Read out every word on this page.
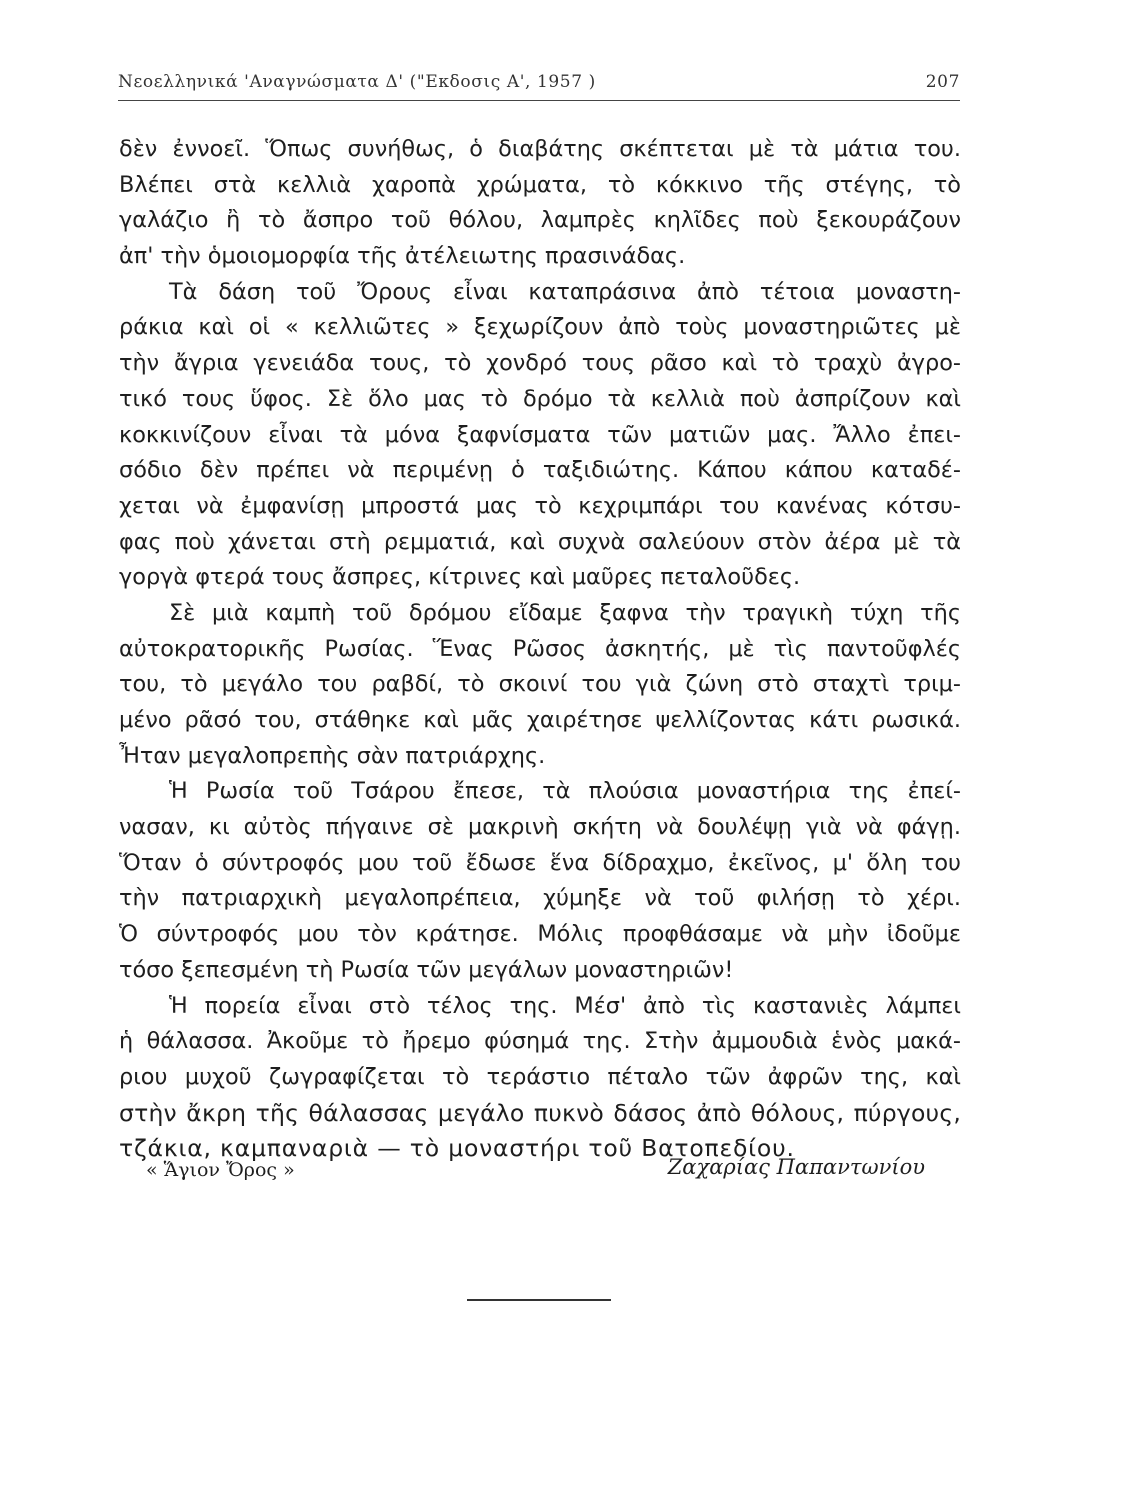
Νεοελληνικά 'Αναγνώσματα Δ' ("Εκδοσις Α', 1957 )	207
δὲν ἐννοεῖ. Ὅπως συνήθως, ὁ διαβάτης σκέπτεται μὲ τὰ μάτια του.
Βλέπει στὰ κελλιὰ χαροπὰ χρώματα, τὸ κόκκινο τῆς στέγης, τὸ
γαλάζιο ἢ τὸ ἄσπρο τοῦ θόλου, λαμπρὲς κηλῖδες ποὺ ξεκουράζουν
ἀπ' τὴν ὁμοιομορφία τῆς ἀτέλειωτης πρασινάδας.
Τὰ δάση τοῦ Ὄρους εἶναι καταπράσινα ἀπὸ τέτοια μοναστη-
ράκια καὶ οἱ « κελλιῶτες » ξεχωρίζουν ἀπὸ τοὺς μοναστηριῶτες μὲ
τὴν ἄγρια γενειάδα τους, τὸ χονδρό τους ρᾶσο καὶ τὸ τραχὺ ἀγρο-
τικό τους ὕφος. Σὲ ὅλο μας τὸ δρόμο τὰ κελλιὰ ποὺ ἀσπρίζουν καὶ
κοκκινίζουν εἶναι τὰ μόνα ξαφνίσματα τῶν ματιῶν μας. Ἄλλο ἐπει-
σόδιο δὲν πρέπει νὰ περιμένῃ ὁ ταξιδιώτης. Κάπου κάπου καταδέ-
χεται νὰ ἐμφανίσῃ μπροστά μας τὸ κεχριμπάρι του κανένας κότσυ-
φας ποὺ χάνεται στὴ ρεμματιά, καὶ συχνὰ σαλεύουν στὸν ἀέρα μὲ τὰ
γοργὰ φτερά τους ἄσπρες, κίτρινες καὶ μαῦρες πεταλοῦδες.
Σὲ μιὰ καμπὴ τοῦ δρόμου εἴδαμε ξαφνα τὴν τραγικὴ τύχη τῆς
αὐτοκρατορικῆς Ρωσίας. Ἕνας Ρῶσος ἀσκητής, μὲ τὶς παντοῦφλές
του, τὸ μεγάλο του ραβδί, τὸ σκοινί του γιὰ ζώνη στὸ σταχτὶ τριμ-
μένο ρᾶσό του, στάθηκε καὶ μᾶς χαιρέτησε ψελλίζοντας κάτι ρωσικά.
Ἦταν μεγαλοπρεπὴς σὰν πατριάρχης.
Ἡ Ρωσία τοῦ Τσάρου ἔπεσε, τὰ πλούσια μοναστήρια της ἐπεί-
νασαν, κι αὐτὸς πήγαινε σὲ μακρινὴ σκήτη νὰ δουλέψῃ γιὰ νὰ φάγῃ.
Ὅταν ὁ σύντροφός μου τοῦ ἔδωσε ἕνα δίδραχμο, ἐκεῖνος, μ' ὅλη του
τὴν πατριαρχικὴ μεγαλοπρέπεια, χύμηξε νὰ τοῦ φιλήσῃ τὸ χέρι.
Ὁ σύντροφός μου τὸν κράτησε. Μόλις προφθάσαμε νὰ μὴν ἰδοῦμε
τόσο ξεπεσμένη τὴ Ρωσία τῶν μεγάλων μοναστηριῶν!
Ἡ πορεία εἶναι στὸ τέλος της. Μέσ' ἀπὸ τὶς καστανιὲς λάμπει
ἡ θάλασσα. Ἀκοῦμε τὸ ἤρεμο φύσημά της. Στὴν ἀμμουδιὰ ἑνὸς μακά-
ριου μυχοῦ ζωγραφίζεται τὸ τεράστιο πέταλο τῶν ἀφρῶν της, καὶ
στὴν ἄκρη τῆς θάλασσας μεγάλο πυκνὸ δάσος ἀπὸ θόλους, πύργους,
τζάκια, καμπαναριὰ — τὸ μοναστήρι τοῦ Βατοπεδίου.
« Ἅγιον Ὄρος »	Ζαχαρίας Παπαντωνίου
